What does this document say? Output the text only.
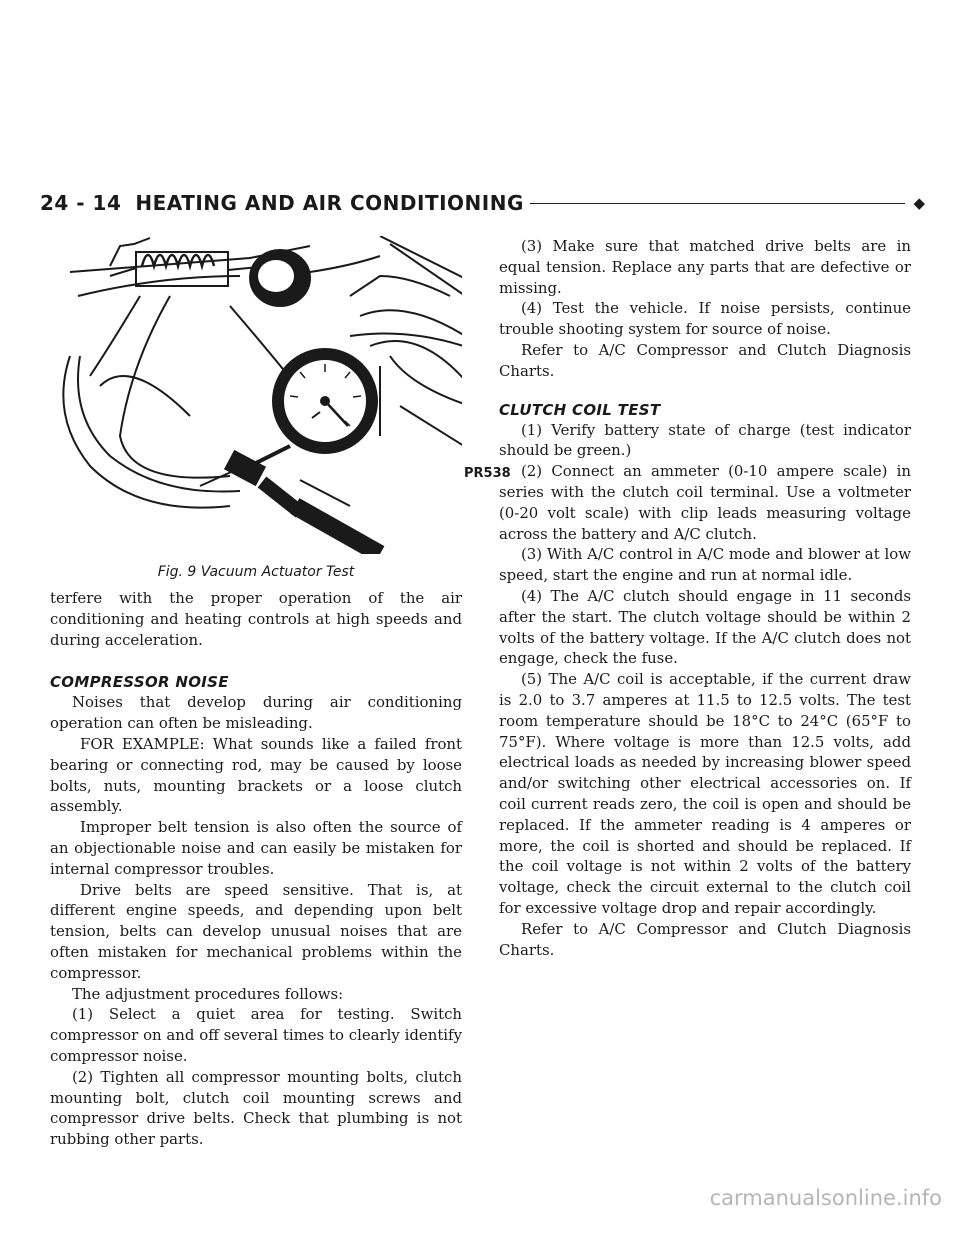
24 - 14 HEATING AND AIR CONDITIONING	◆
PR538
Fig. 9 Vacuum Actuator Test

terfere with the proper operation of the air conditioning and heating controls at high speeds and during acceleration.

COMPRESSOR NOISE

Noises that develop during air conditioning operation can often be misleading.

FOR EXAMPLE: What sounds like a failed front bearing or connecting rod, may be caused by loose bolts, nuts, mounting brackets or a loose clutch assembly.

Improper belt tension is also often the source of an objectionable noise and can easily be mistaken for internal compressor troubles.

Drive belts are speed sensitive. That is, at different engine speeds, and depending upon belt tension, belts can develop unusual noises that are often mistaken for mechanical problems within the compressor.

The adjustment procedures follows:

(1) Select a quiet area for testing. Switch compressor on and off several times to clearly identify compressor noise.

(2) Tighten all compressor mounting bolts, clutch mounting bolt, clutch coil mounting screws and compressor drive belts. Check that plumbing is not rubbing other parts.

(3) Make sure that matched drive belts are in equal tension. Replace any parts that are defective or missing.

(4) Test the vehicle. If noise persists, continue trouble shooting system for source of noise.

Refer to A/C Compressor and Clutch Diagnosis Charts.

CLUTCH COIL TEST

(1) Verify battery state of charge (test indicator should be green.)

(2) Connect an ammeter (0-10 ampere scale) in series with the clutch coil terminal. Use a voltmeter (0-20 volt scale) with clip leads measuring voltage across the battery and A/C clutch.

(3) With A/C control in A/C mode and blower at low speed, start the engine and run at normal idle.

(4) The A/C clutch should engage in 11 seconds after the start. The clutch voltage should be within 2 volts of the battery voltage. If the A/C clutch does not engage, check the fuse.

(5) The A/C coil is acceptable, if the current draw is 2.0 to 3.7 amperes at 11.5 to 12.5 volts. The test room temperature should be 18°C to 24°C (65°F to 75°F). Where voltage is more than 12.5 volts, add electrical loads as needed by increasing blower speed and/or switching other electrical accessories on. If coil current reads zero, the coil is open and should be replaced. If the ammeter reading is 4 amperes or more, the coil is shorted and should be replaced. If the coil voltage is not within 2 volts of the battery voltage, check the circuit external to the clutch coil for excessive voltage drop and repair accordingly.

Refer to A/C Compressor and Clutch Diagnosis Charts.

carmanualsonline.info
